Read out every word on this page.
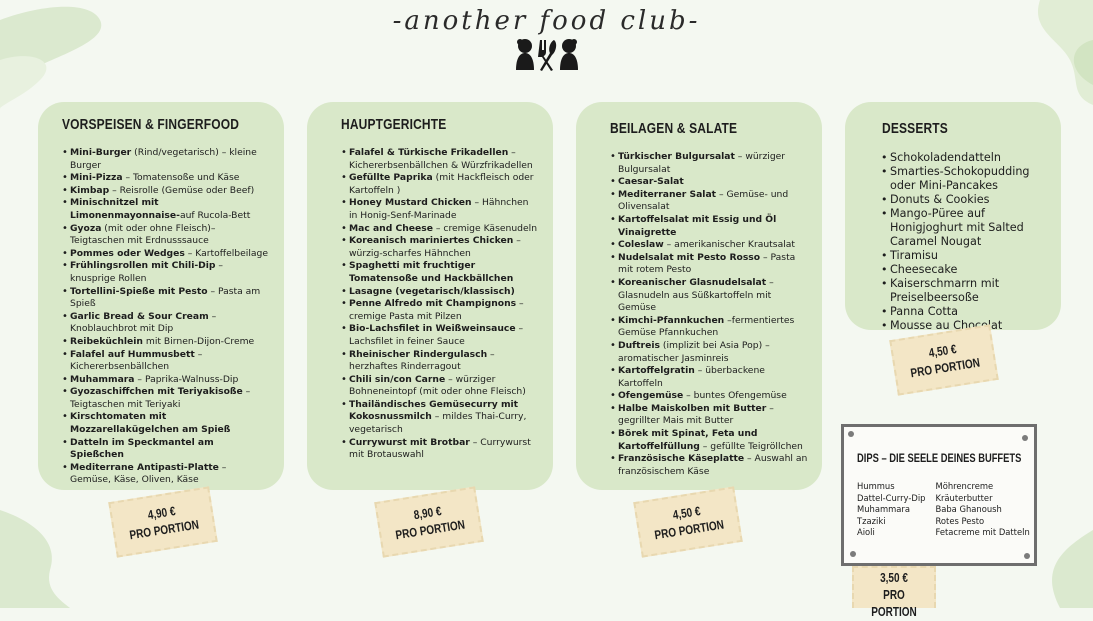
-another food club-
VORSPEISEN & FINGERFOOD
• Mini-Burger (Rind/vegetarisch) – kleine Burger
• Mini-Pizza – Tomatensoße und Käse
• Kimbap – Reisrolle (Gemüse oder Beef)
• Minischnitzel mit Limonenmayonnaise-auf Rucola-Bett
• Gyoza (mit oder ohne Fleisch)– Teigtaschen mit Erdnusssauce
• Pommes oder Wedges – Kartoffelbeilage
• Frühlingsrollen mit Chili-Dip – knusprige Rollen
• Tortellini-Spieße mit Pesto – Pasta am Spieß
• Garlic Bread & Sour Cream – Knoblauchbrot mit Dip
• Reibeküchlein mit Birnen-Dijon-Creme
• Falafel auf Hummusbett – Kichererbsenbällchen
• Muhammara – Paprika-Walnuss-Dip
• Gyozaschiffchen mit Teriyakisoße – Teigtaschen mit Teriyaki
• Kirschtomaten mit Mozzarellakügelchen am Spieß
• Datteln im Speckmantel am Spießchen
• Mediterrane Antipasti-Platte – Gemüse, Käse, Oliven, Käse
4,90 €
PRO PORTION
HAUPTGERICHTE
• Falafel & Türkische Frikadellen – Kichererbsenbällchen & Würzfrikadellen
• Gefüllte Paprika (mit Hackfleisch oder Kartoffeln )
• Honey Mustard Chicken – Hähnchen in Honig-Senf-Marinade
• Mac and Cheese – cremige Käsenudeln
• Koreanisch mariniertes Chicken – würzig-scharfes Hähnchen
• Spaghetti mit fruchtiger Tomatensoße und Hackbällchen
• Lasagne (vegetarisch/klassisch)
• Penne Alfredo mit Champignons – cremige Pasta mit Pilzen
• Bio-Lachsfilet in Weißweinsauce – Lachsfilet in feiner Sauce
• Rheinischer Rindergulasch – herzhaftes Rinderragout
• Chili sin/con Carne – würziger Bohneneintopf (mit oder ohne Fleisch)
• Thailändisches Gemüsecurry mit Kokosnussmilch – mildes Thai-Curry, vegetarisch
• Currywurst mit Brotbar – Currywurst mit Brotauswahl
8,90 €
PRO PORTION
BEILAGEN & SALATE
• Türkischer Bulgursalat – würziger Bulgursalat
• Caesar-Salat
• Mediterraner Salat – Gemüse- und Olivensalat
• Kartoffelsalat mit Essig und Öl Vinaigrette
• Coleslaw – amerikanischer Krautsalat
• Nudelsalat mit Pesto Rosso – Pasta mit rotem Pesto
• Koreanischer Glasnudelsalat – Glasnudeln aus Süßkartoffeln mit Gemüse
• Kimchi-Pfannkuchen –fermentiertes Gemüse Pfannkuchen
• Duftreis (implizit bei Asia Pop) – aromatischer Jasminreis
• Kartoffelgratin – überbackene Kartoffeln
• Ofengemüse – buntes Ofengemüse
• Halbe Maiskolben mit Butter – gegrillter Mais mit Butter
• Börek mit Spinat, Feta und Kartoffelfüllung – gefüllte Teigröllchen
• Französische Käseplatte – Auswahl an französischem Käse
4,50 €
PRO PORTION
DESSERTS
• Schokoladendatteln
• Smarties-Schokopudding oder Mini-Pancakes
• Donuts & Cookies
• Mango-Püree auf Honigjoghurt mit Salted Caramel Nougat
• Tiramisu
• Cheesecake
• Kaiserschmarrn mit Preiselbeersoße
• Panna Cotta
• Mousse au Chocolat
4,50 €
PRO PORTION
DIPS – DIE SEELE DEINES BUFFETS
Hummus
Dattel-Curry-Dip
Muhammara
Tzaziki
Aioli
Möhrencreme
Kräuterbutter
Baba Ghanoush
Rotes Pesto
Fetacreme mit Datteln
3,50 €
PRO PORTION
